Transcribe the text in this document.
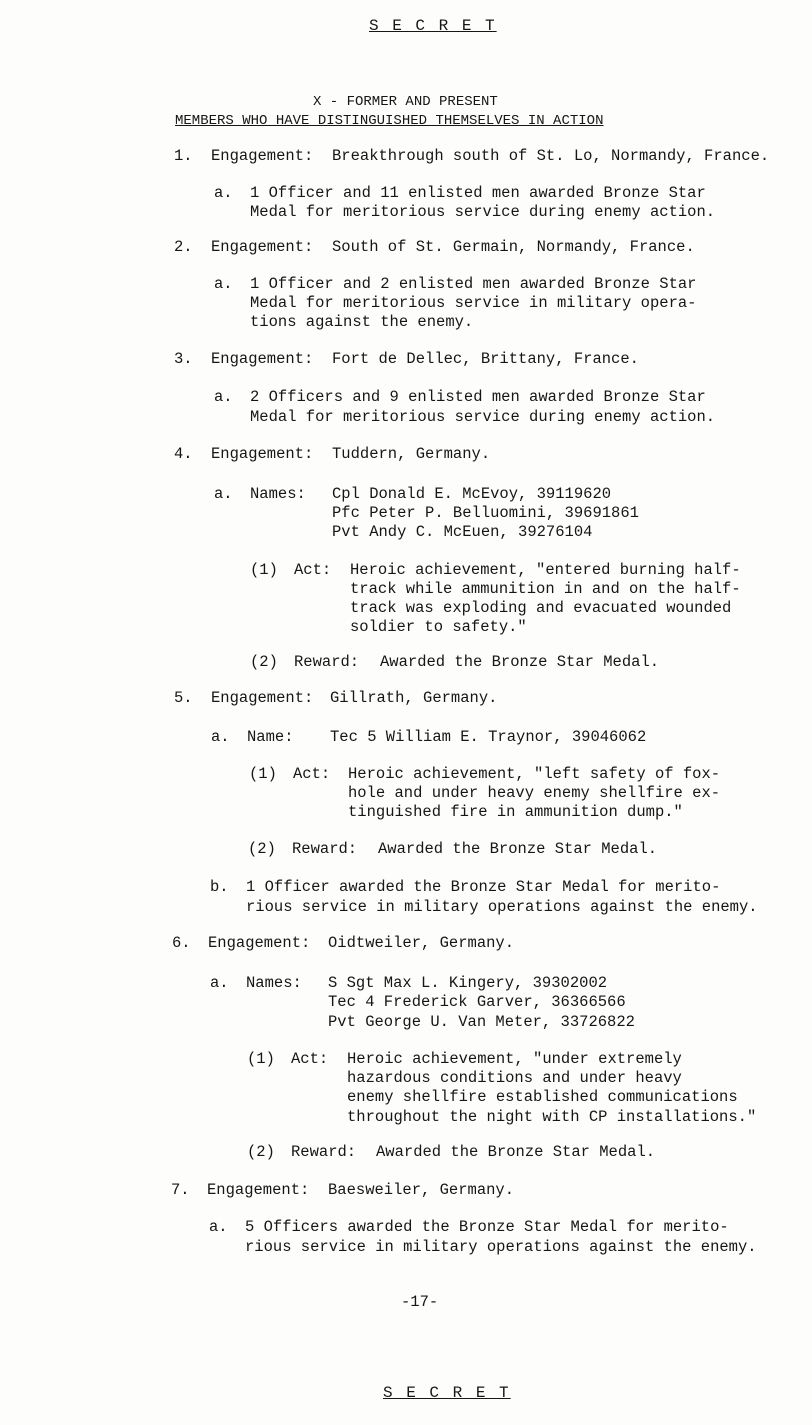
S E C R E T
X - FORMER AND PRESENT
MEMBERS WHO HAVE DISTINGUISHED THEMSELVES IN ACTION
1. Engagement: Breakthrough south of St. Lo, Normandy, France.
a. 1 Officer and 11 enlisted men awarded Bronze Star
Medal for meritorious service during enemy action.
2. Engagement: South of St. Germain, Normandy, France.
a. 1 Officer and 2 enlisted men awarded Bronze Star
Medal for meritorious service in military opera-
tions against the enemy.
3. Engagement: Fort de Dellec, Brittany, France.
a. 2 Officers and 9 enlisted men awarded Bronze Star
Medal for meritorious service during enemy action.
4. Engagement: Tuddern, Germany.
a. Names: Cpl Donald E. McEvoy, 39119620
Pfc Peter P. Belluomini, 39691861
Pvt Andy C. McEuen, 39276104
(1) Act: Heroic achievement, "entered burning half-
track while ammunition in and on the half-
track was exploding and evacuated wounded
soldier to safety."
(2) Reward: Awarded the Bronze Star Medal.
5. Engagement: Gillrath, Germany.
a. Name: Tec 5 William E. Traynor, 39046062
(1) Act: Heroic achievement, "left safety of fox-
hole and under heavy enemy shellfire ex-
tinguished fire in ammunition dump."
(2) Reward: Awarded the Bronze Star Medal.
b. 1 Officer awarded the Bronze Star Medal for merito-
rious service in military operations against the enemy.
6. Engagement: Oidtweiler, Germany.
a. Names: S Sgt Max L. Kingery, 39302002
Tec 4 Frederick Garver, 36366566
Pvt George U. Van Meter, 33726822
(1) Act: Heroic achievement, "under extremely
hazardous conditions and under heavy
enemy shellfire established communications
throughout the night with CP installations."
(2) Reward: Awarded the Bronze Star Medal.
7. Engagement: Baesweiler, Germany.
a. 5 Officers awarded the Bronze Star Medal for merito-
rious service in military operations against the enemy.
-17-
S E C R E T
